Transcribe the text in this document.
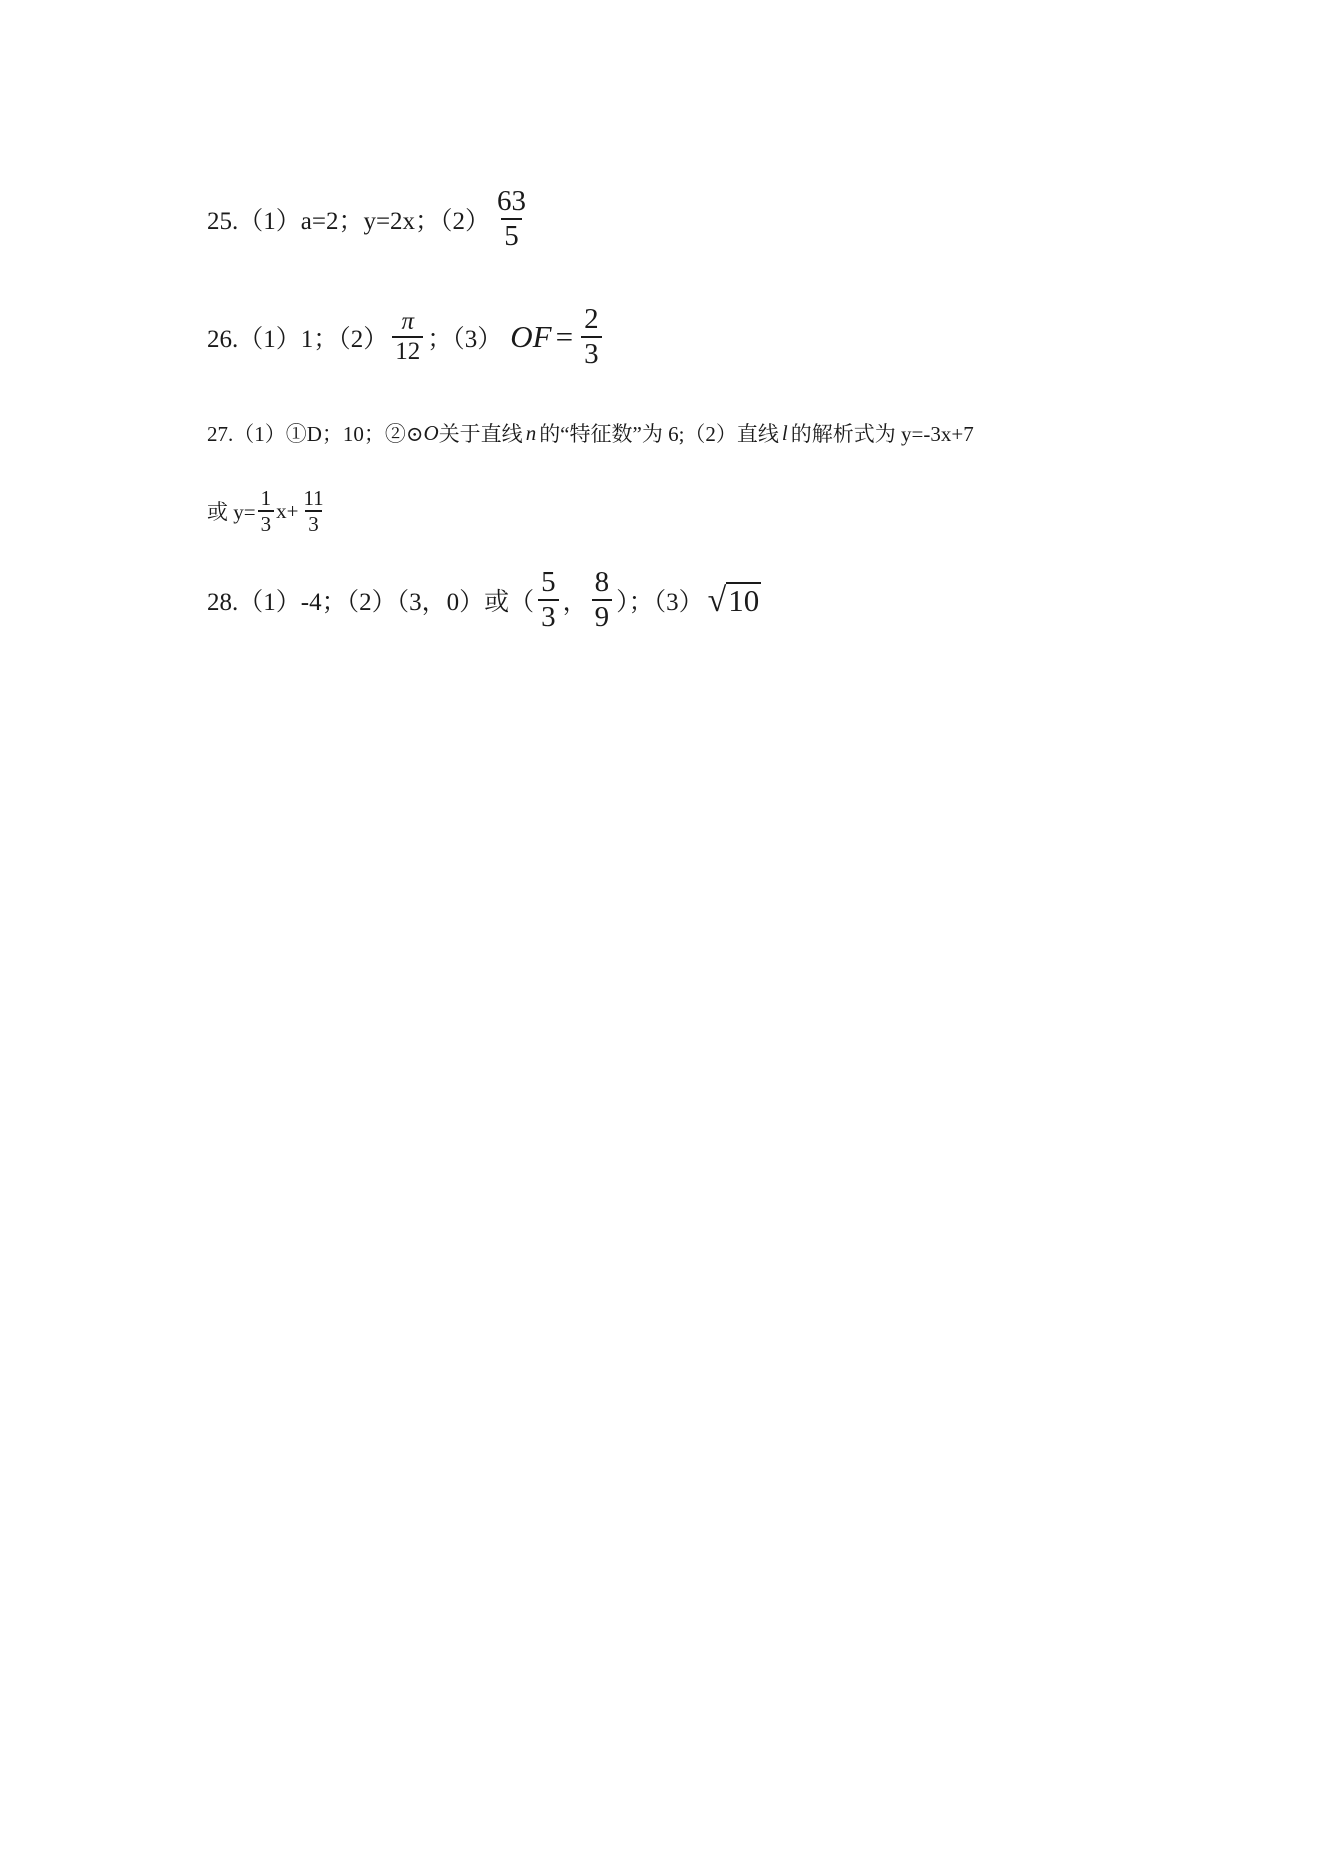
25.（1）a=2；y=2x；$(2) \frac{63}{5}$
26.（1）1；$(2) \frac{\pi}{12}$ ；（3） OF = $\frac{2}{3}$
27.（1）①D；10；②⊙ O 关于直线 n 的“特征数”为 6;（2）直线 l 的解析式为 y=-3x+7
或 $y= \frac{1}{3} x+ \frac{11}{3}$
28.（1）-4；（2）（3，0）或（ $\frac{5}{3}$ ， $\frac{8}{9}$ ）；（3） √ 10
